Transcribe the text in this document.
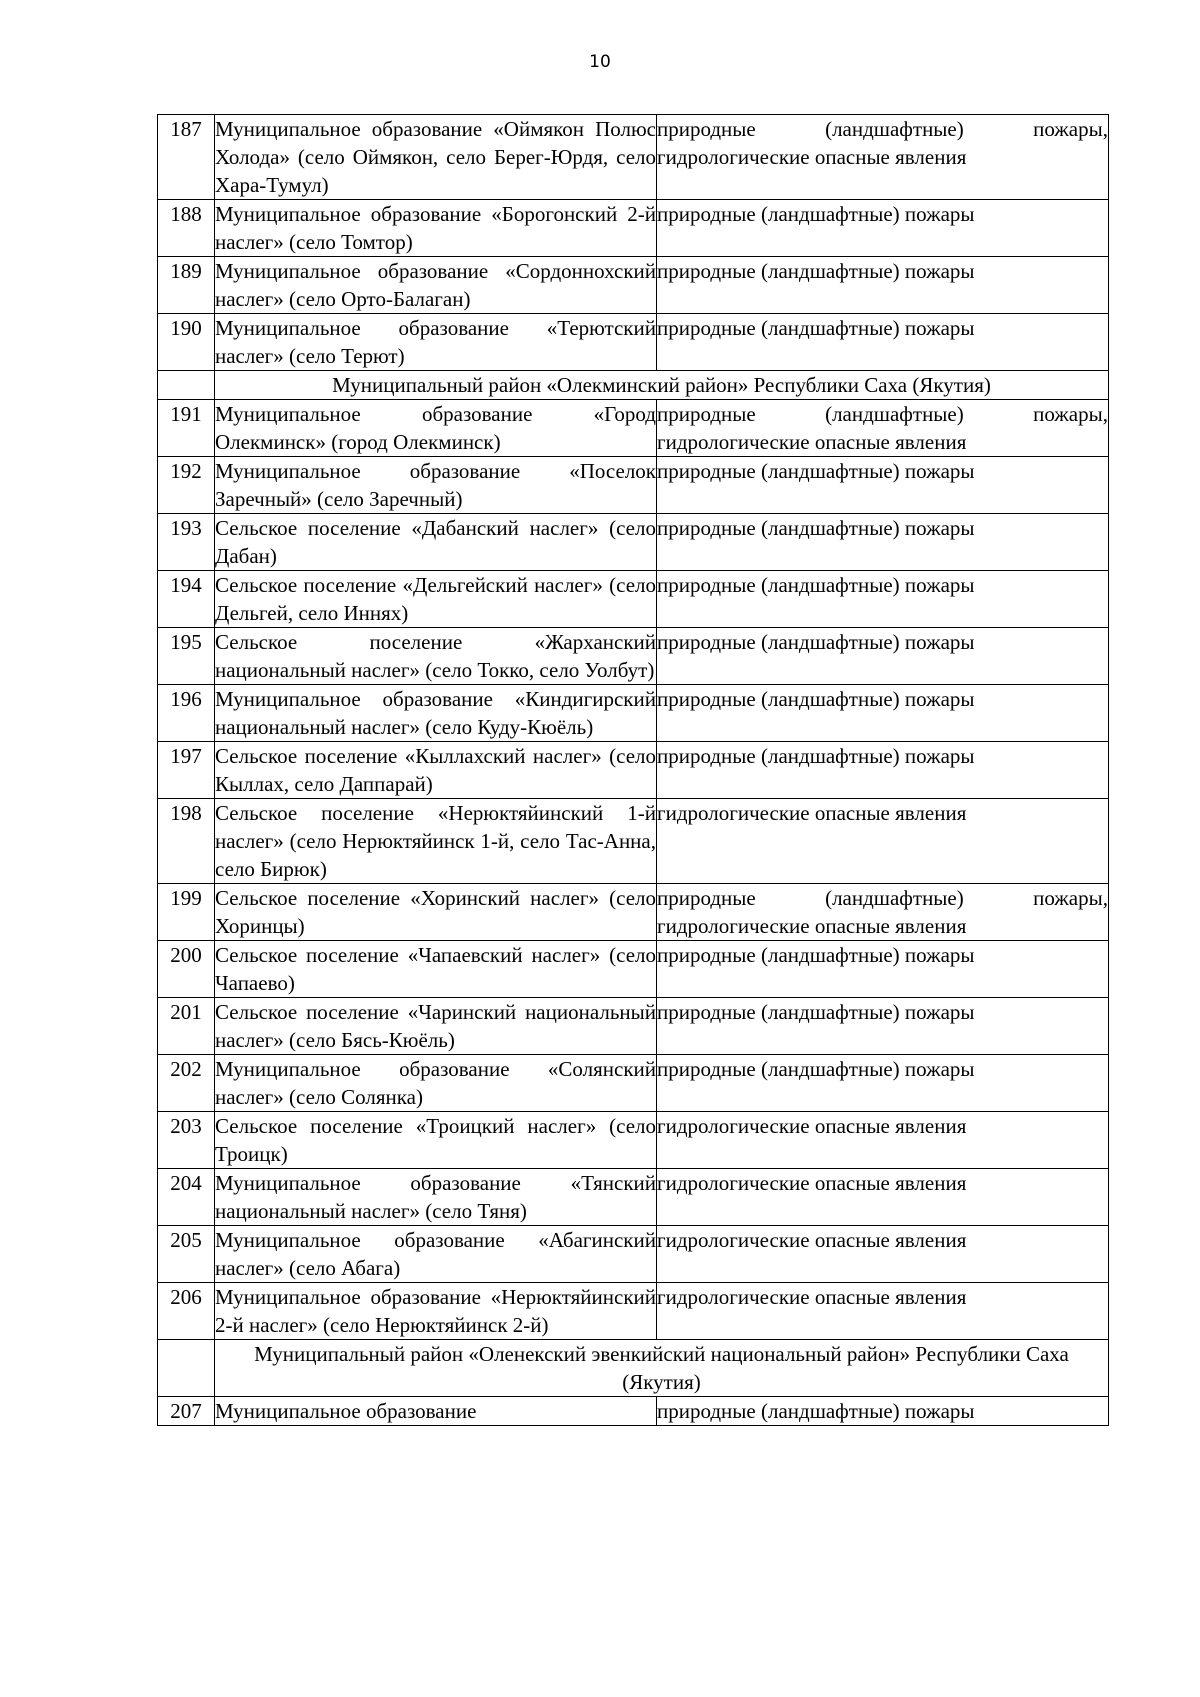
10
187	Муниципальное образование «Оймякон Полюс Холода» (село Оймякон, село Берег-Юрдя, село Хара-Тумул)	природные (ландшафтные) пожары, гидрологические опасные явления
188	Муниципальное образование «Борогонский 2-й наслег» (село Томтор)	природные (ландшафтные) пожары
189	Муниципальное образование «Сордоннохский наслег» (село Орто-Балаган)	природные (ландшафтные) пожары
190	Муниципальное образование «Терютский наслег» (село Терют)	природные (ландшафтные) пожары
	Муниципальный район «Олекминский район» Республики Саха (Якутия)	
191	Муниципальное образование «Город Олекминск» (город Олекминск)	природные (ландшафтные) пожары, гидрологические опасные явления
192	Муниципальное образование «Поселок Заречный» (село Заречный)	природные (ландшафтные) пожары
193	Сельское поселение «Дабанский наслег» (село Дабан)	природные (ландшафтные) пожары
194	Сельское поселение «Дельгейский наслег» (село Дельгей, село Иннях)	природные (ландшафтные) пожары
195	Сельское поселение «Жарханский национальный наслег» (село Токко, село Уолбут)	природные (ландшафтные) пожары
196	Муниципальное образование «Киндигирский национальный наслег» (село Куду-Кюёль)	природные (ландшафтные) пожары
197	Сельское поселение «Кыллахский наслег» (село Кыллах, село Даппарай)	природные (ландшафтные) пожары
198	Сельское поселение «Нерюктяйинский 1-й наслег» (село Нерюктяйинск 1-й, село Тас-Анна, село Бирюк)	гидрологические опасные явления
199	Сельское поселение «Хоринский наслег» (село Хоринцы)	природные (ландшафтные) пожары, гидрологические опасные явления
200	Сельское поселение «Чапаевский наслег» (село Чапаево)	природные (ландшафтные) пожары
201	Сельское поселение «Чаринский национальный наслег» (село Бясь-Кюёль)	природные (ландшафтные) пожары
202	Муниципальное образование «Солянский наслег» (село Солянка)	природные (ландшафтные) пожары
203	Сельское поселение «Троицкий наслег» (село Троицк)	гидрологические опасные явления
204	Муниципальное образование «Тянский национальный наслег» (село Тяня)	гидрологические опасные явления
205	Муниципальное образование «Абагинский наслег» (село Абага)	гидрологические опасные явления
206	Муниципальное образование «Нерюктяйинский 2-й наслег» (село Нерюктяйинск 2-й)	гидрологические опасные явления
	Муниципальный район «Оленекский эвенкийский национальный район» Республики Саха (Якутия)	
207	Муниципальное образование	природные (ландшафтные) пожары
